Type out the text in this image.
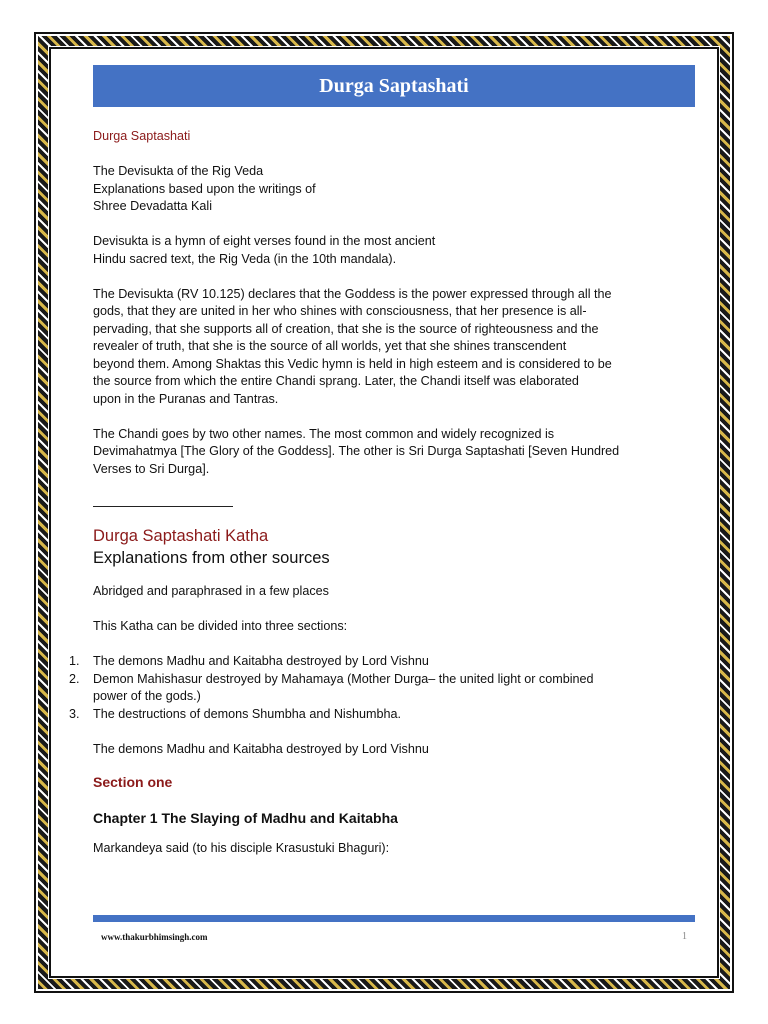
Durga Saptashati

Durga Saptashati

The Devisukta of the Rig Veda

Explanations based upon the writings of

Shree Devadatta Kali

Devisukta is a hymn of eight verses found in the most ancient

Hindu sacred text, the Rig Veda (in the 10th mandala).

The Devisukta (RV 10.125) declares that the Goddess is the power expressed through all the

gods, that they are united in her who shines with consciousness, that her presence is all-

pervading, that she supports all of creation, that she is the source of righteousness and the

revealer of truth, that she is the source of all worlds, yet that she shines transcendent

beyond them. Among Shaktas this Vedic hymn is held in high esteem and is considered to be

the source from which the entire Chandi sprang. Later, the Chandi itself was elaborated

upon in the Puranas and Tantras.

The Chandi goes by two other names. The most common and widely recognized is

Devimahatmya [The Glory of the Goddess]. The other is Sri Durga Saptashati [Seven Hundred

Verses to Sri Durga].

Durga Saptashati Katha

Explanations from other sources

Abridged and paraphrased in a few places

This Katha can be divided into three sections:

1. The demons Madhu and Kaitabha destroyed by Lord Vishnu
2. Demon Mahishasur destroyed by Mahamaya (Mother Durga– the united light or combined
power of the gods.)
3. The destructions of demons Shumbha and Nishumbha.

The demons Madhu and Kaitabha destroyed by Lord Vishnu

Section one

Chapter 1 The Slaying of Madhu and Kaitabha

Markandeya said (to his disciple Krasustuki Bhaguri):

www.thakurbhimsingh.com	1
